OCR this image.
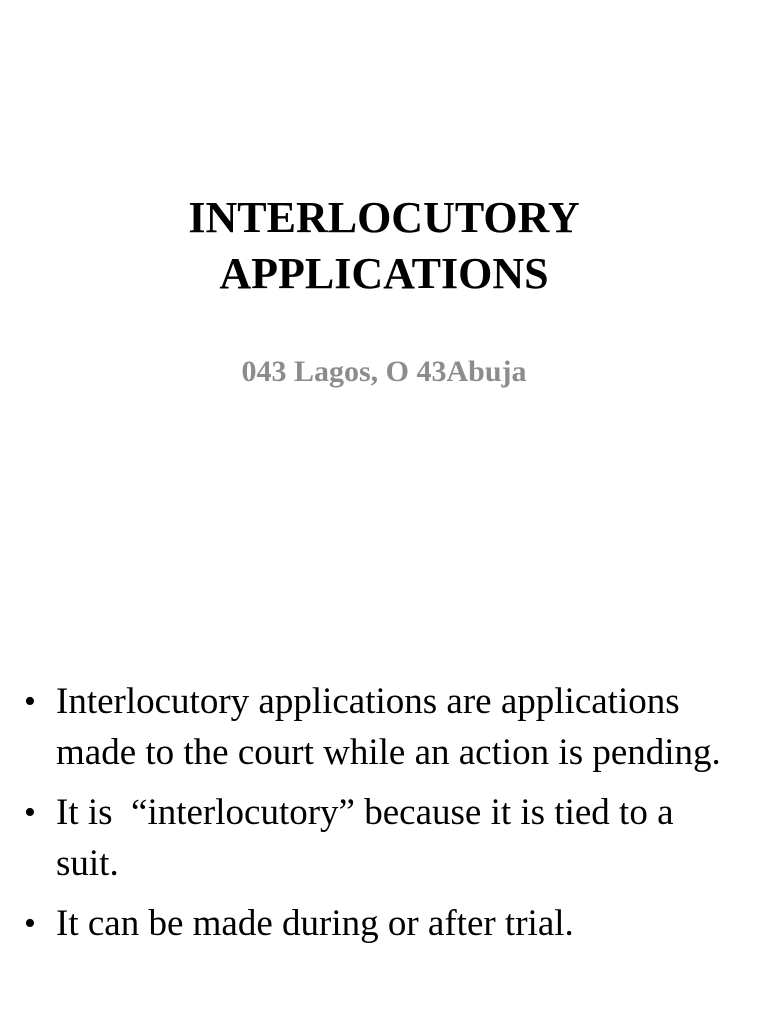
INTERLOCUTORY
APPLICATIONS

043 Lagos, O 43Abuja

• Interlocutory applications are applications made to the court while an action is pending.
• It is  “interlocutory” because it is tied to a suit.
• It can be made during or after trial.
